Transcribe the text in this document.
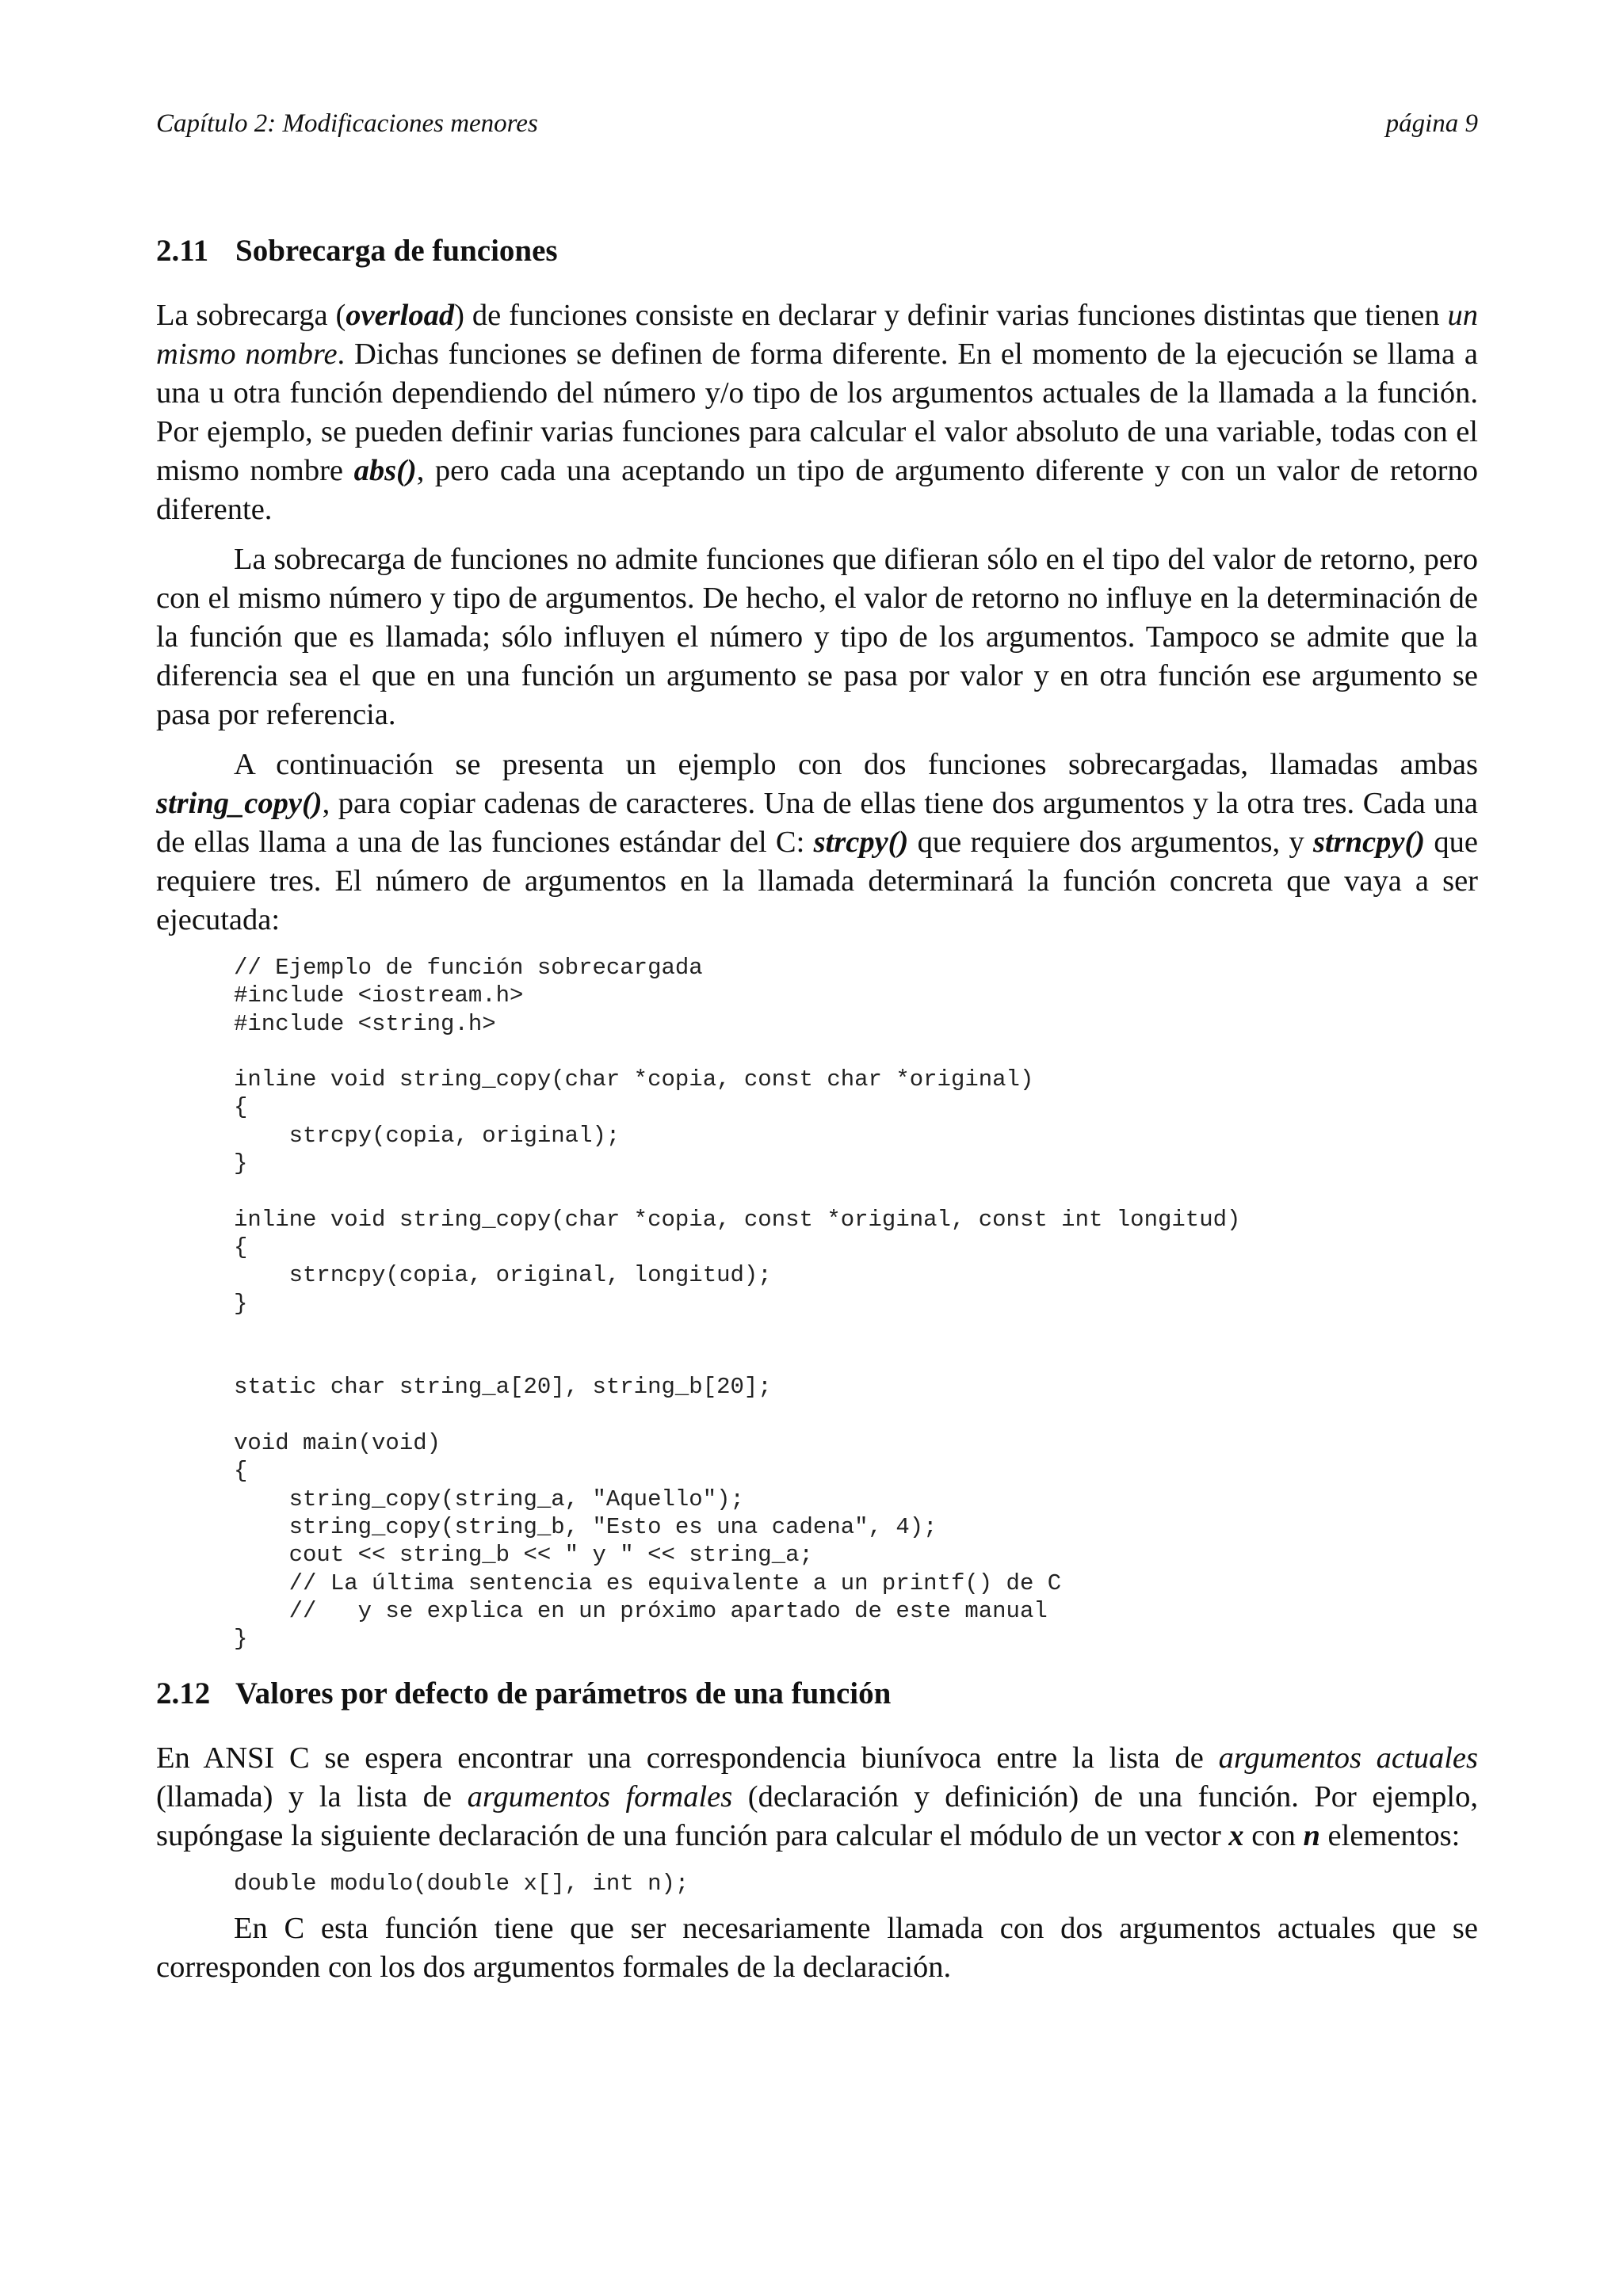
Capítulo 2: Modificaciones menores	página 9
2.11 Sobrecarga de funciones

La sobrecarga (overload) de funciones consiste en declarar y definir varias funciones distintas que tienen un mismo nombre. Dichas funciones se definen de forma diferente. En el momento de la ejecución se llama a una u otra función dependiendo del número y/o tipo de los argumentos actuales de la llamada a la función. Por ejemplo, se pueden definir varias funciones para calcular el valor absoluto de una variable, todas con el mismo nombre abs(), pero cada una aceptando un tipo de argumento diferente y con un valor de retorno diferente.

La sobrecarga de funciones no admite funciones que difieran sólo en el tipo del valor de retorno, pero con el mismo número y tipo de argumentos. De hecho, el valor de retorno no influye en la determinación de la función que es llamada; sólo influyen el número y tipo de los argumentos. Tampoco se admite que la diferencia sea el que en una función un argumento se pasa por valor y en otra función ese argumento se pasa por referencia.

A continuación se presenta un ejemplo con dos funciones sobrecargadas, llamadas ambas string_copy(), para copiar cadenas de caracteres. Una de ellas tiene dos argumentos y la otra tres. Cada una de ellas llama a una de las funciones estándar del C: strcpy() que requiere dos argumentos, y strncpy() que requiere tres. El número de argumentos en la llamada determinará la función concreta que vaya a ser ejecutada:

// Ejemplo de función sobrecargada
#include <iostream.h>
#include <string.h>

inline void string_copy(char *copia, const char *original)
{
strcpy(copia, original);
}

inline void string_copy(char *copia, const *original, const int longitud)
{
strncpy(copia, original, longitud);
}

static char string_a[20], string_b[20];

void main(void)
{
string_copy(string_a, "Aquello");
string_copy(string_b, "Esto es una cadena", 4);
cout << string_b << " y " << string_a;
// La última sentencia es equivalente a un printf() de C
//   y se explica en un próximo apartado de este manual
}
2.12 Valores por defecto de parámetros de una función

En ANSI C se espera encontrar una correspondencia biunívoca entre la lista de argumentos actuales (llamada) y la lista de argumentos formales (declaración y definición) de una función. Por ejemplo, supóngase la siguiente declaración de una función para calcular el módulo de un vector x con n elementos:

double modulo(double x[], int n);

En C esta función tiene que ser necesariamente llamada con dos argumentos actuales que se corresponden con los dos argumentos formales de la declaración.
